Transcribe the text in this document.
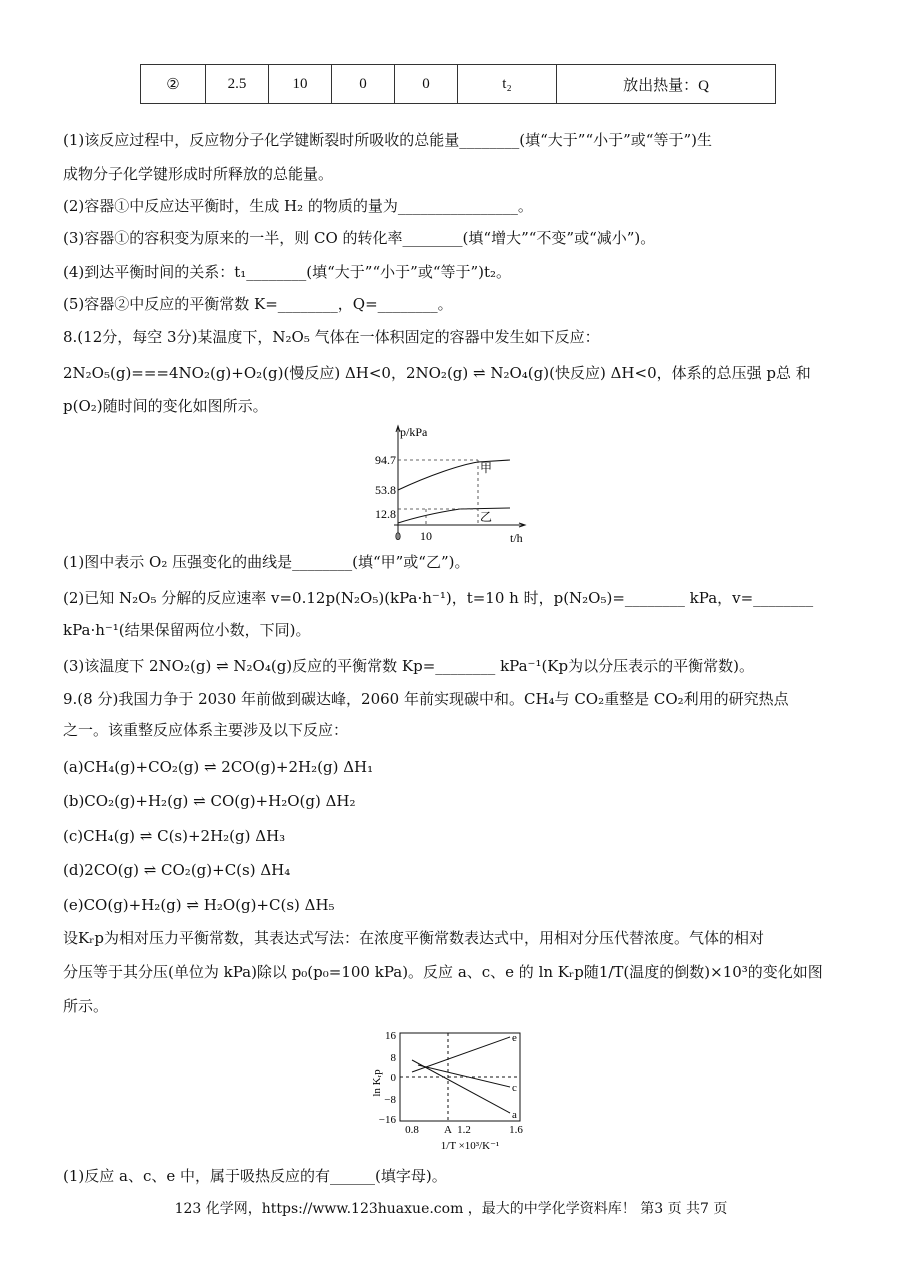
②	2.5	10	0	0	t₂	放出热量：Q
(1)该反应过程中，反应物分子化学键断裂时所吸收的总能量________(填“大于”“小于”或“等于”)生
成物分子化学键形成时所释放的总能量。
(2)容器①中反应达平衡时，生成 H₂ 的物质的量为________________。
(3)容器①的容积变为原来的一半，则 CO 的转化率________(填“增大”“不变”或“减小”)。
(4)到达平衡时间的关系：t₁________(填“大于”“小于”或“等于”)t₂。
(5)容器②中反应的平衡常数 K=________，Q=________。
8.(12分，每空 3分)某温度下，N₂O₅ 气体在一体积固定的容器中发生如下反应：
2N₂O₅(g)===4NO₂(g)+O₂(g)(慢反应) ΔH<0，2NO₂(g) ⇌ N₂O₄(g)(快反应) ΔH<0，体系的总压强 p总 和
p(O₂)随时间的变化如图所示。
p/kPa
t/h
94.7
53.8
12.8
0 10
甲
乙
(1)图中表示 O₂ 压强变化的曲线是________(填“甲”或“乙”)。
(2)已知 N₂O₅ 分解的反应速率 v=0.12p(N₂O₅)(kPa·h⁻¹)，t=10 h 时，p(N₂O₅)=________ kPa，v=________
kPa·h⁻¹(结果保留两位小数，下同)。
(3)该温度下 2NO₂(g) ⇌ N₂O₄(g)反应的平衡常数 Kp=________ kPa⁻¹(Kp为以分压表示的平衡常数)。
9.(8 分)我国力争于 2030 年前做到碳达峰，2060 年前实现碳中和。CH₄与 CO₂重整是 CO₂利用的研究热点
之一。该重整反应体系主要涉及以下反应：
(a)CH₄(g)+CO₂(g) ⇌ 2CO(g)+2H₂(g) ΔH₁
(b)CO₂(g)+H₂(g) ⇌ CO(g)+H₂O(g) ΔH₂
(c)CH₄(g) ⇌ C(s)+2H₂(g) ΔH₃
(d)2CO(g) ⇌ CO₂(g)+C(s) ΔH₄
(e)CO(g)+H₂(g) ⇌ H₂O(g)+C(s) ΔH₅
设Kᵣp为相对压力平衡常数，其表达式写法：在浓度平衡常数表达式中，用相对分压代替浓度。气体的相对
分压等于其分压(单位为 kPa)除以 p₀(p₀=100 kPa)。反应 a、c、e 的 ln Kᵣp随1/T(温度的倒数)×10³的变化如图
所示。
ln Kᵣp
16
8
0
−8
−16
0.8 A 1.2	1.6
1/T ×10³/K⁻¹
e
c
a
(1)反应 a、c、e 中，属于吸热反应的有______(填字母)。
123 化学网，https://www.123huaxue.com ，最大的中学化学资料库！ 第3 页 共7 页
